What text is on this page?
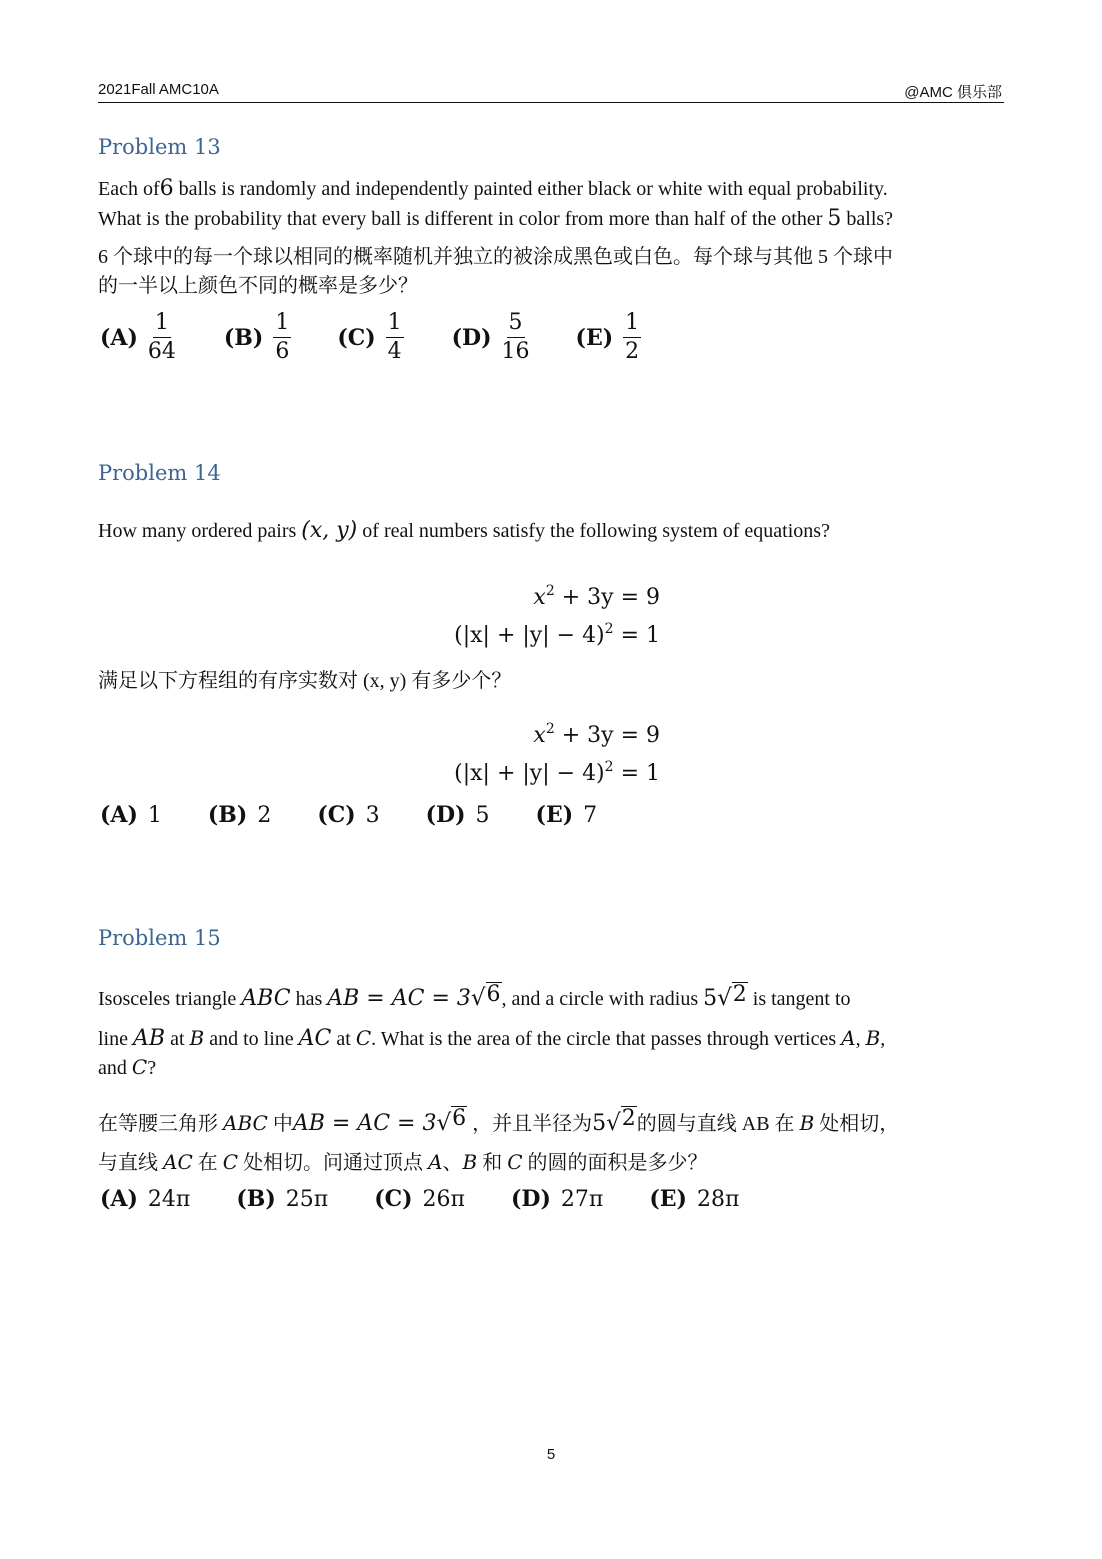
2021Fall AMC10A	@AMC 俱乐部
Problem 13
Each of6 balls is randomly and independently painted either black or white with equal probability.
What is the probability that every ball is different in color from more than half of the other 5 balls?
6 个球中的每一个球以相同的概率随机并独立的被涂成黑色或白色。每个球与其他 5 个球中
的一半以上颜色不同的概率是多少？
$(A) \frac{1}{64} (B) \frac{1}{6} (C) \frac{1}{4} (D) \frac{5}{16} (E) \frac{1}{2}$
Problem 14
How many ordered pairs (x, y) of real numbers satisfy the following system of equations?
$x^2 + 3y = 9$
$(|x| + |y| - 4)^2 = 1$
满足以下方程组的有序实数对 (x, y) 有多少个？
$x^2 + 3y = 9$
$(|x| + |y| - 4)^2 = 1$
(A) 1 (B) 2 (C) 3 (D) 5 (E) 7
Problem 15
Isosceles triangle ABC has AB = AC = 3 √ 6 , and a circle with radius 5 √ 2 is tangent to
line AB at B and to line AC at C. What is the area of the circle that passes through vertices A, B,
and C?
在等腰三角形 ABC 中AB = AC = 3 √ 6 ，并且半径为5 √ 2 的圆与直线 AB 在 B 处相切，
与直线 AC 在 C 处相切。问通过顶点 A、B 和 C 的圆的面积是多少？
(A) 24π (B) 25π (C) 26π (D) 27π (E) 28π
5
